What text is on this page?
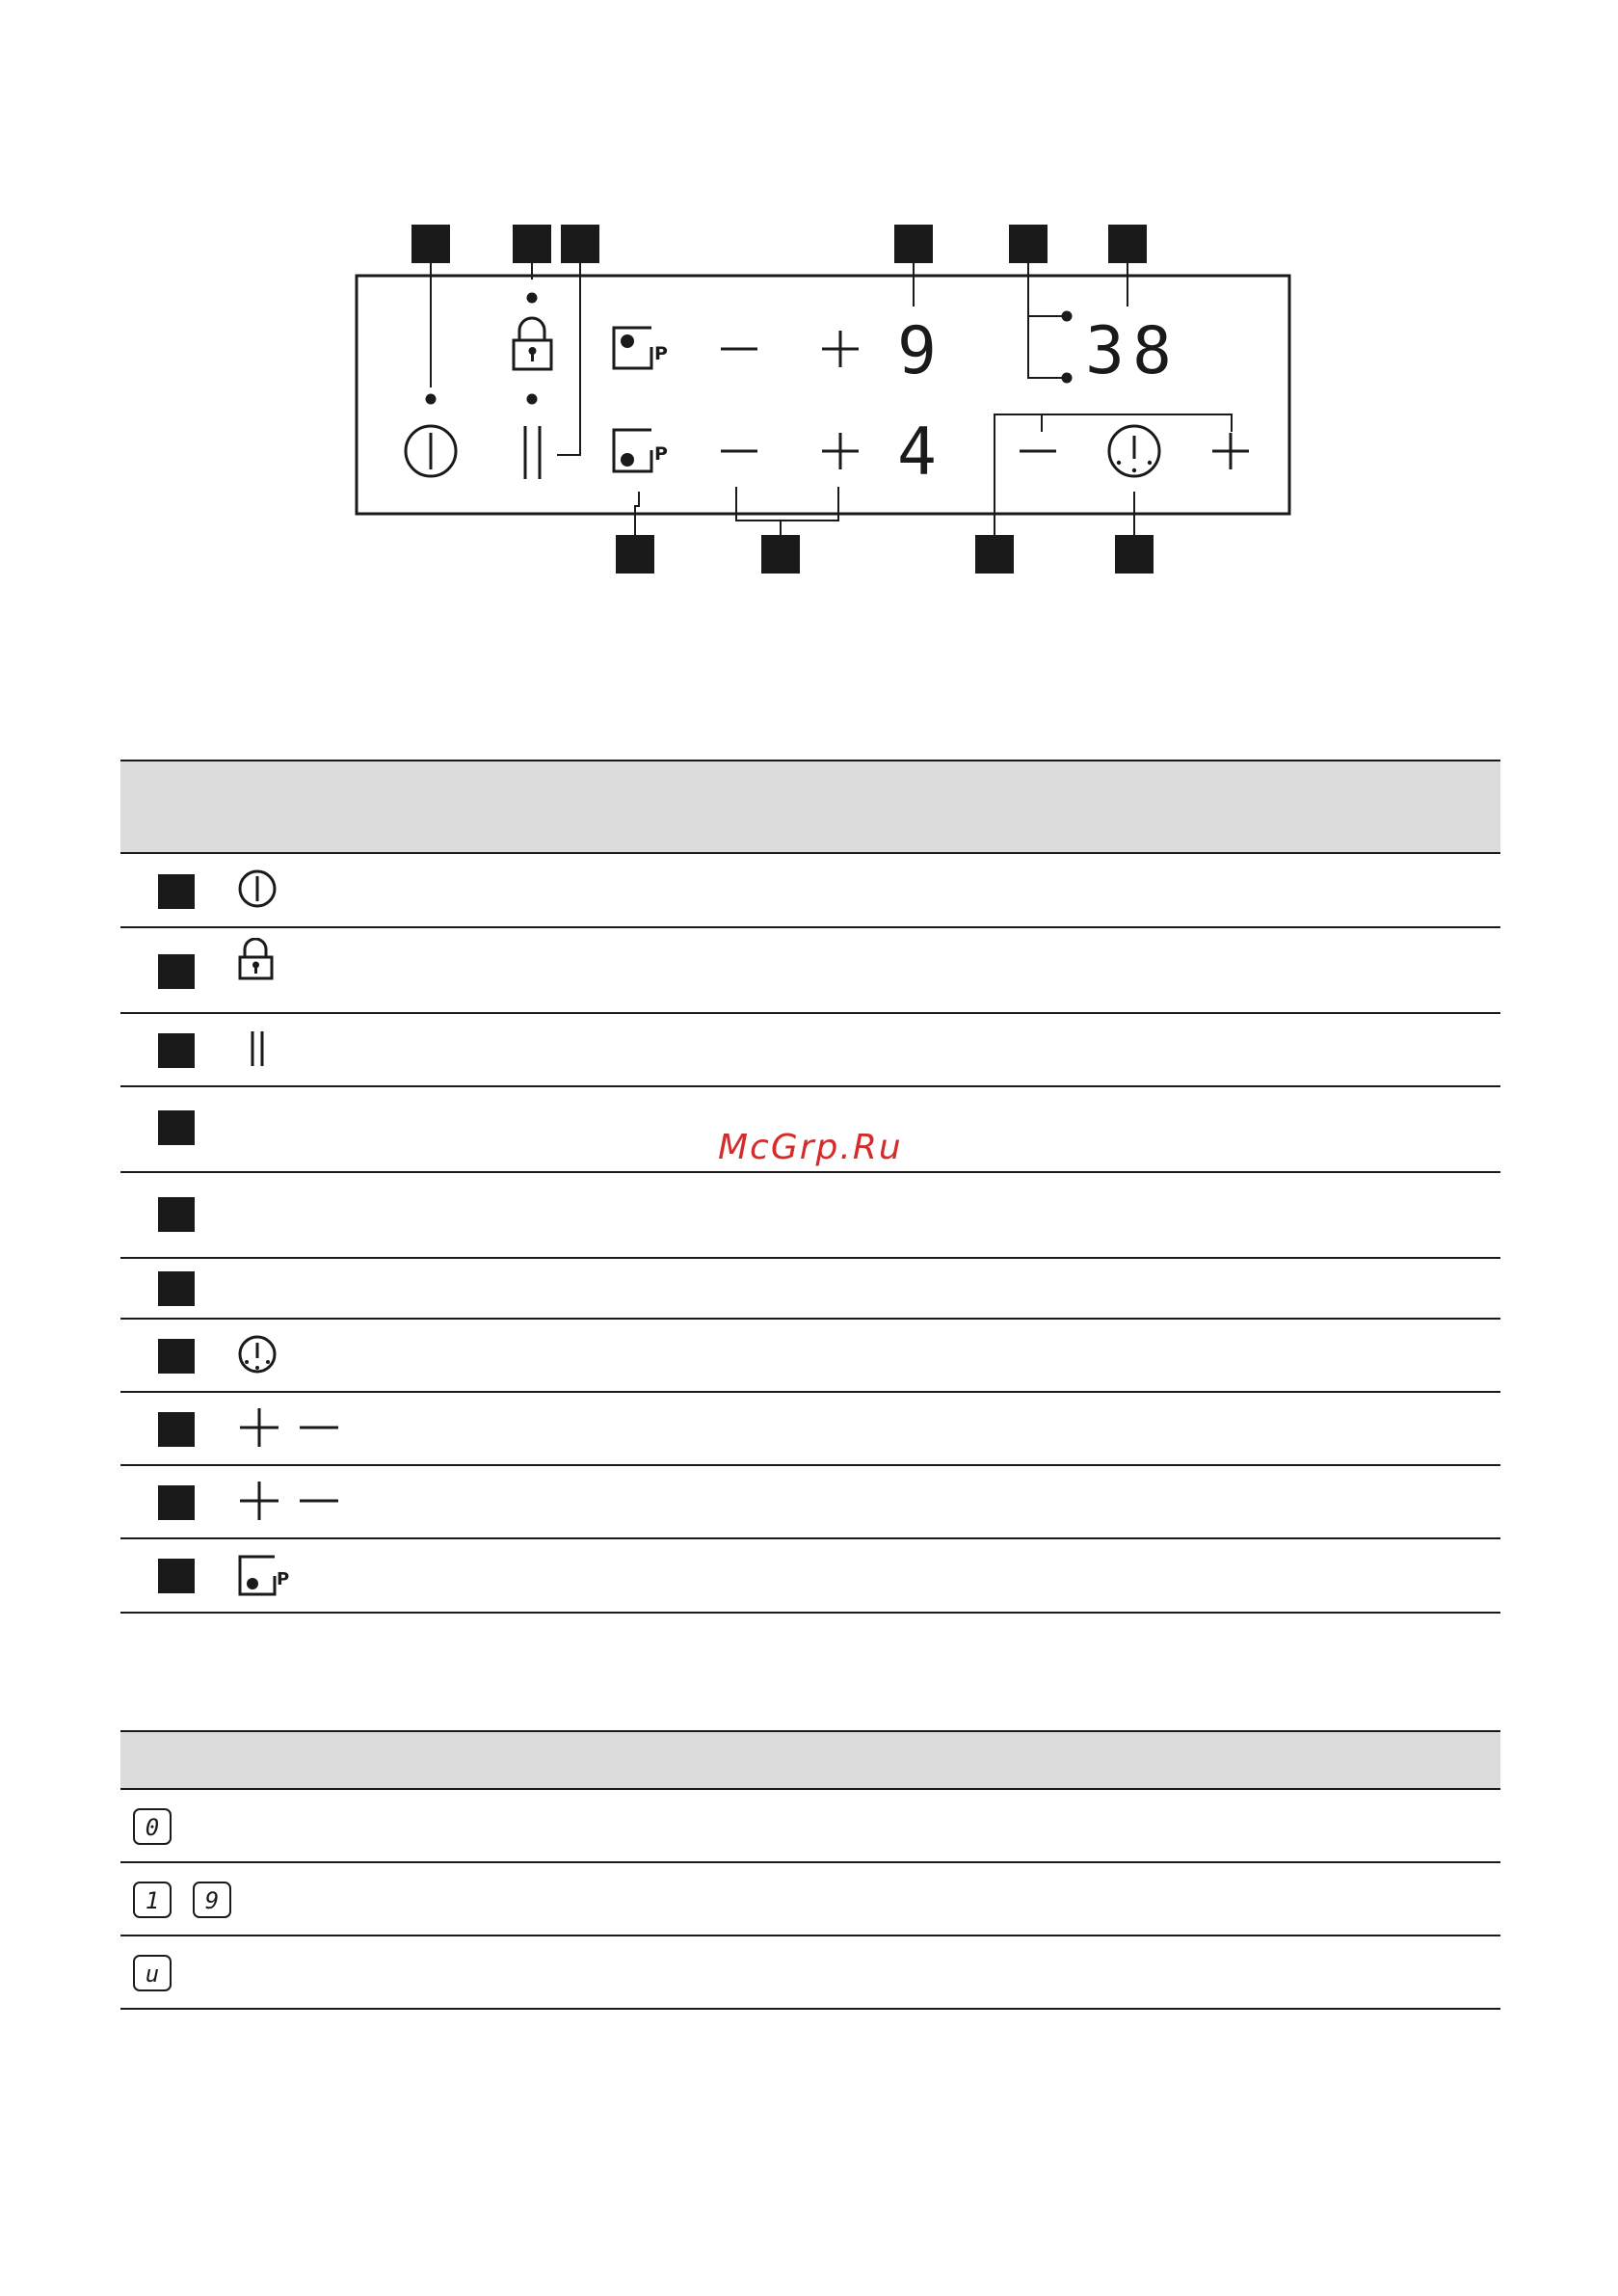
P
P
9
4
38
McGrp.Ru
P
0
1 9
u
